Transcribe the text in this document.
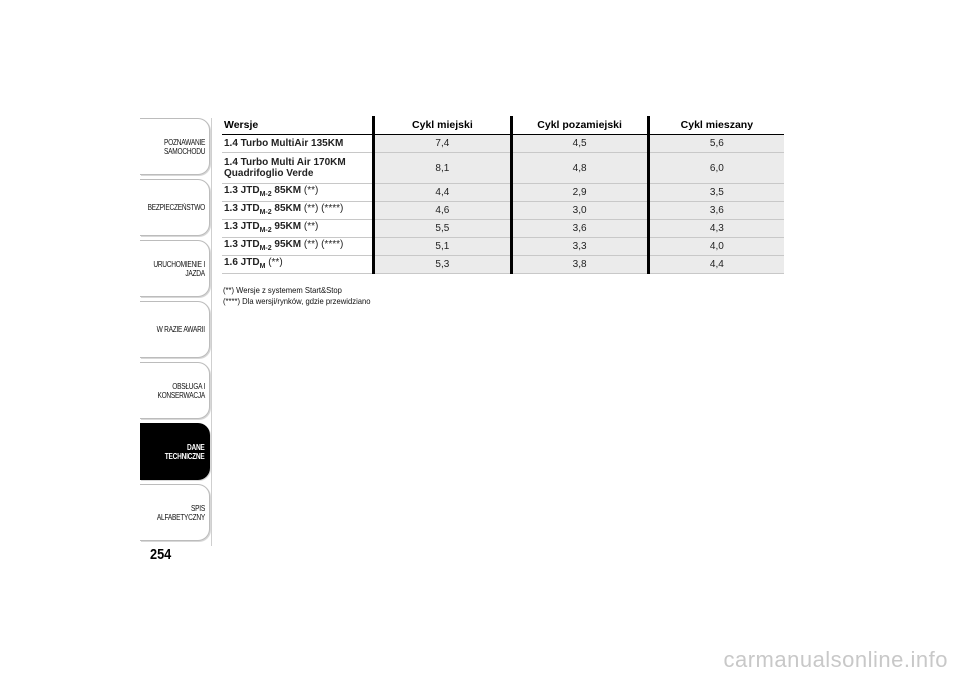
POZNAWANIE
SAMOCHODU
BEZPIECZEŃSTWO
URUCHOMIENIE I
JAZDA
W RAZIE AWARII
OBSŁUGA I
KONSERWACJA
DANE
TECHNICZNE
SPIS ALFABETYCZNY
254
Wersje		Cykl miejski		Cykl pozamiejski		Cykl mieszany
1.4 Turbo MultiAir 135KM		7,4		4,5		5,6
1.4 Turbo Multi Air 170KM
Quadrifoglio Verde		8,1		4,8		6,0
1.3 $JTD_{M-2}$ 85KM (**)		4,4		2,9		3,5
1.3 $JTD_{M-2}$ 85KM (**) (****)		4,6		3,0		3,6
1.3 $JTD_{M-2}$ 95KM (**)		5,5		3,6		4,3
1.3 $JTD_{M-2}$ 95KM (**) (****)		5,1		3,3		4,0
1.6 $JTD_M$ (**)		5,3		3,8		4,4
(**) Wersje z systemem Start&Stop
(****) Dla wersji/rynków, gdzie przewidziano
carmanualsonline.info
